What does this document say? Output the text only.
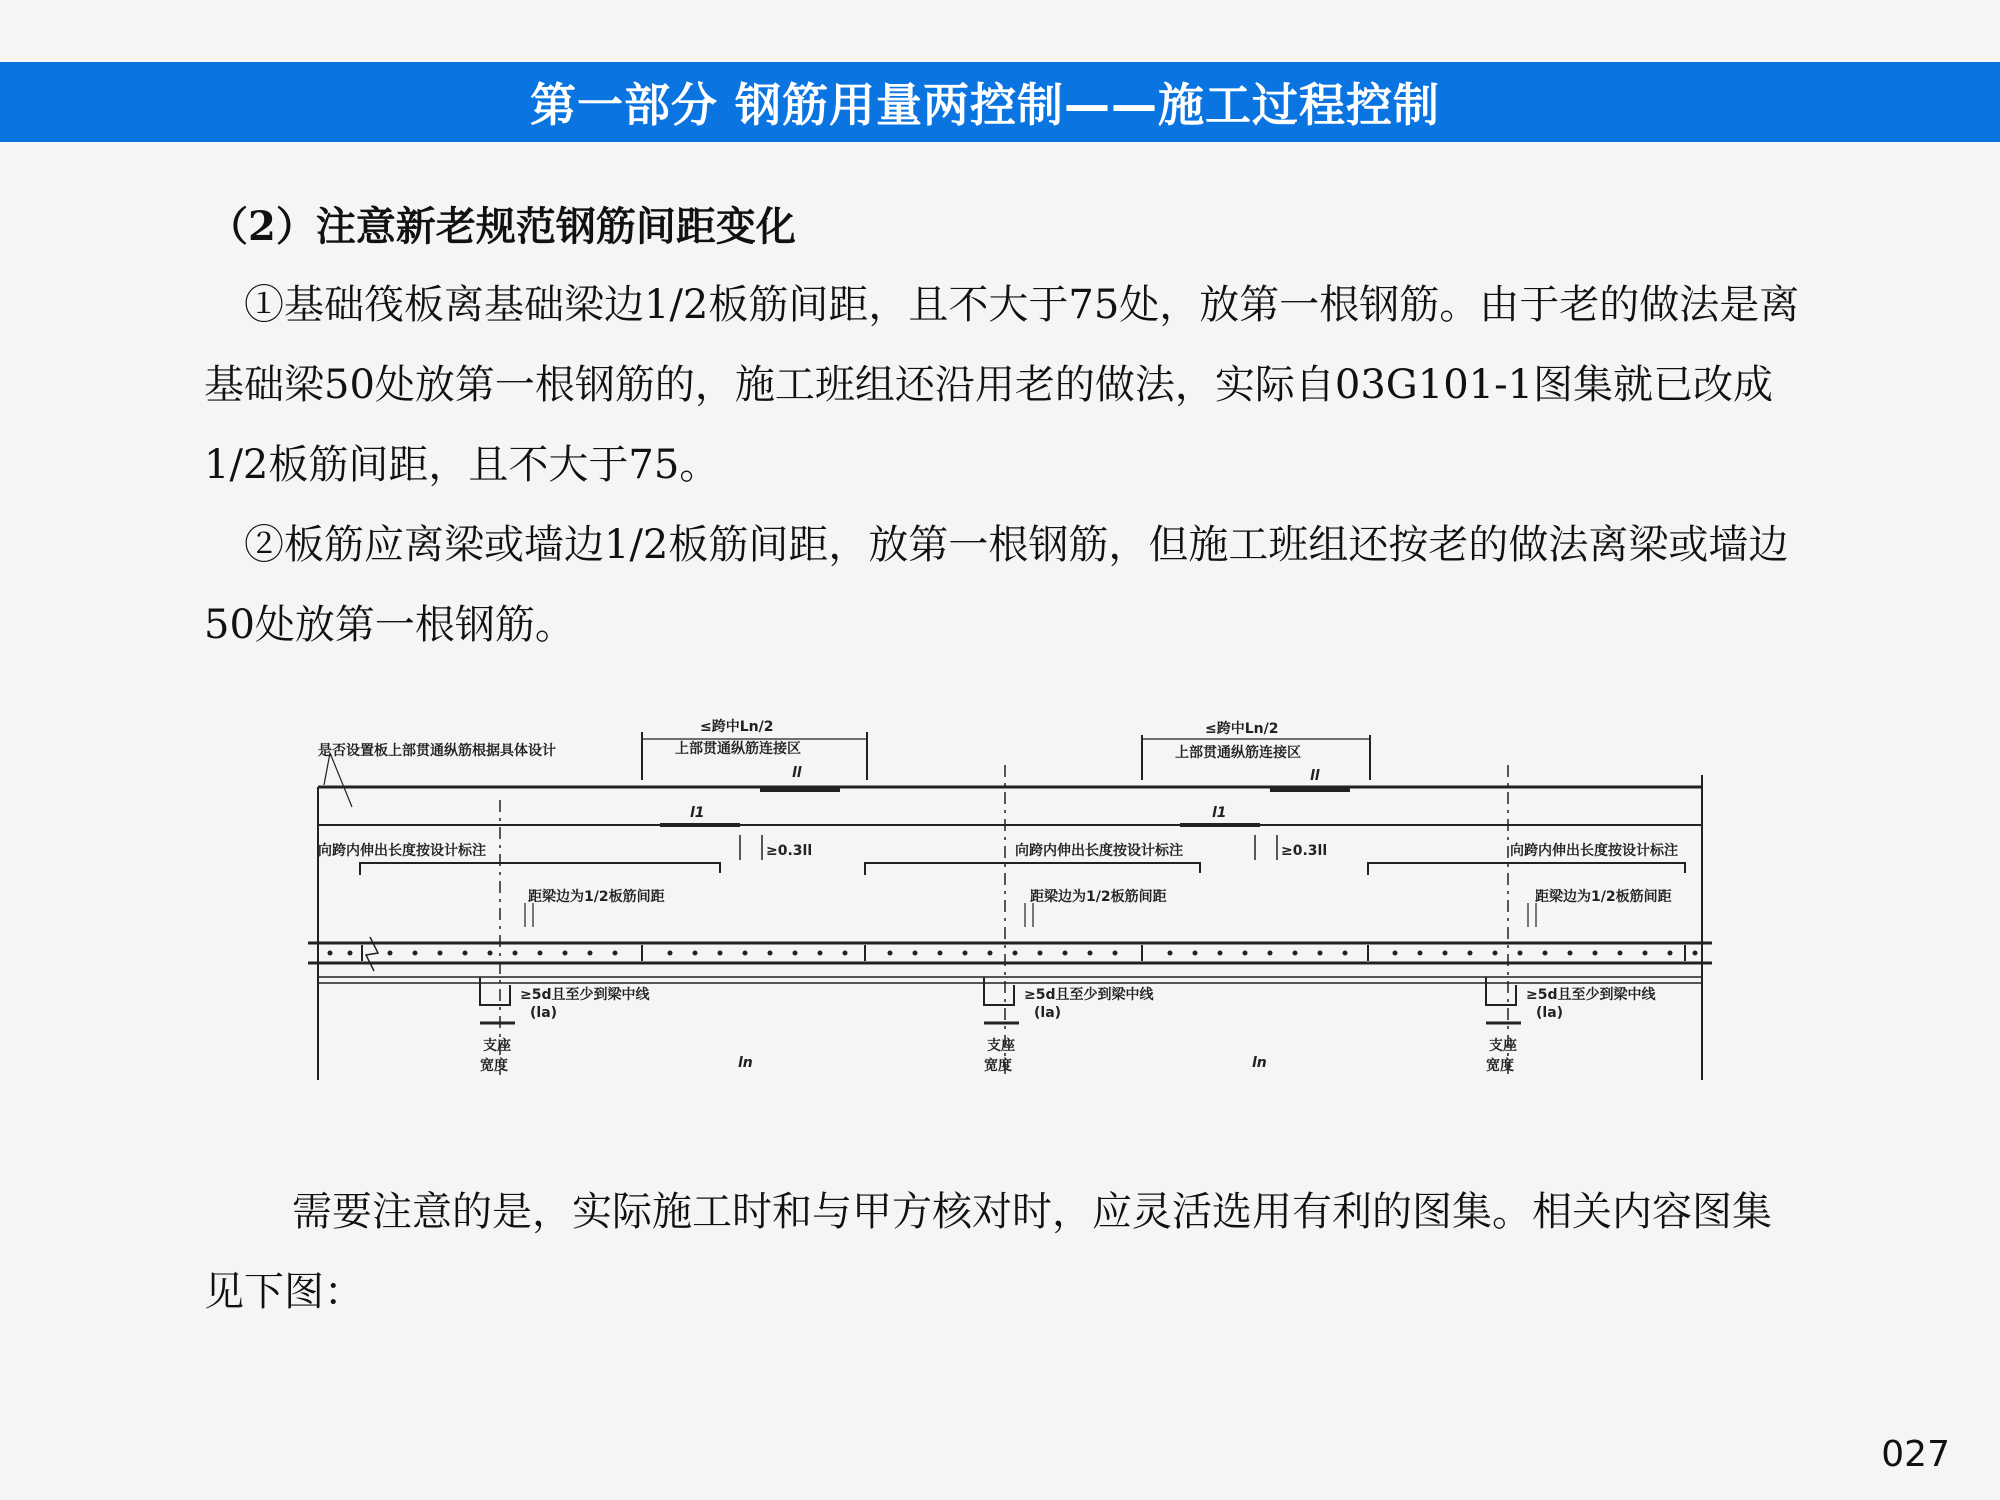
第一部分 钢筋用量两控制——施工过程控制
（2）注意新老规范钢筋间距变化
①基础筏板离基础梁边1/2板筋间距，且不大于75处，放第一根钢筋。由于老的做法是离基础梁50处放第一根钢筋的，施工班组还沿用老的做法，实际自03G101-1图集就已改成1/2板筋间距，且不大于75。
②板筋应离梁或墙边1/2板筋间距，放第一根钢筋，但施工班组还按老的做法离梁或墙边50处放第一根钢筋。
是否设置板上部贯通纵筋根据具体设计
≤跨中Ln/2
上部贯通纵筋连接区
≤跨中Ln/2
上部贯通纵筋连接区
ll	ll
l1	l1
向跨内伸出长度按设计标注	向跨内伸出长度按设计标注	向跨内伸出长度按设计标注
≥0.3ll	≥0.3ll
距梁边为1/2板筋间距	距梁边为1/2板筋间距	距梁边为1/2板筋间距
≥5d且至少到梁中线	≥5d且至少到梁中线	≥5d且至少到梁中线
(la)	(la)	(la)
支座
宽度
支座
宽度
支座
宽度
ln	ln
需要注意的是，实际施工时和与甲方核对时，应灵活选用有利的图集。相关内容图集见下图：
027
